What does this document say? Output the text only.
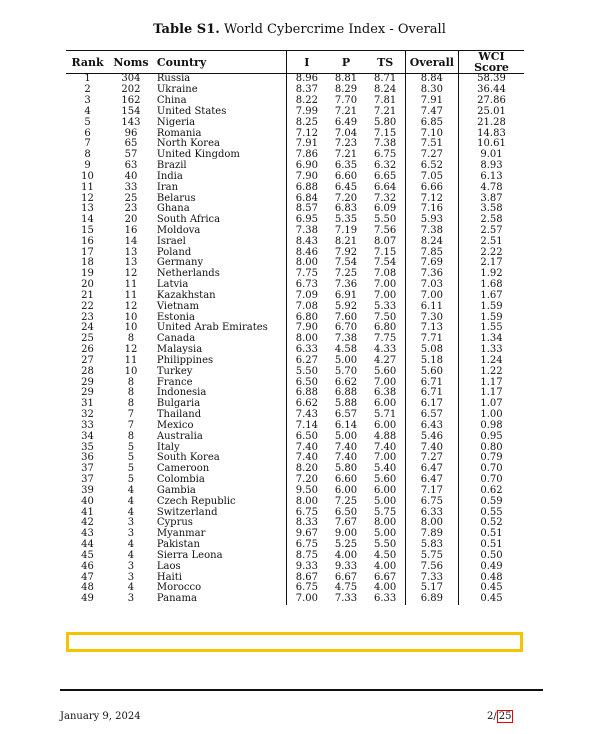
Table S1. World Cybercrime Index - Overall
Rank	Noms	Country	I	P	TS	Overall	WCI Score
1	304	Russia	8.96	8.81	8.71	8.84	58.39
2	202	Ukraine	8.37	8.29	8.24	8.30	36.44
3	162	China	8.22	7.70	7.81	7.91	27.86
4	154	United States	7.99	7.21	7.21	7.47	25.01
5	143	Nigeria	8.25	6.49	5.80	6.85	21.28
6	96	Romania	7.12	7.04	7.15	7.10	14.83
7	65	North Korea	7.91	7.23	7.38	7.51	10.61
8	57	United Kingdom	7.86	7.21	6.75	7.27	9.01
9	63	Brazil	6.90	6.35	6.32	6.52	8.93
10	40	India	7.90	6.60	6.65	7.05	6.13
11	33	Iran	6.88	6.45	6.64	6.66	4.78
12	25	Belarus	6.84	7.20	7.32	7.12	3.87
13	23	Ghana	8.57	6.83	6.09	7.16	3.58
14	20	South Africa	6.95	5.35	5.50	5.93	2.58
15	16	Moldova	7.38	7.19	7.56	7.38	2.57
16	14	Israel	8.43	8.21	8.07	8.24	2.51
17	13	Poland	8.46	7.92	7.15	7.85	2.22
18	13	Germany	8.00	7.54	7.54	7.69	2.17
19	12	Netherlands	7.75	7.25	7.08	7.36	1.92
20	11	Latvia	6.73	7.36	7.00	7.03	1.68
21	11	Kazakhstan	7.09	6.91	7.00	7.00	1.67
22	12	Vietnam	7.08	5.92	5.33	6.11	1.59
23	10	Estonia	6.80	7.60	7.50	7.30	1.59
24	10	United Arab Emirates	7.90	6.70	6.80	7.13	1.55
25	8	Canada	8.00	7.38	7.75	7.71	1.34
26	12	Malaysia	6.33	4.58	4.33	5.08	1.33
27	11	Philippines	6.27	5.00	4.27	5.18	1.24
28	10	Turkey	5.50	5.70	5.60	5.60	1.22
29	8	France	6.50	6.62	7.00	6.71	1.17
29	8	Indonesia	6.88	6.88	6.38	6.71	1.17
31	8	Bulgaria	6.62	5.88	6.00	6.17	1.07
32	7	Thailand	7.43	6.57	5.71	6.57	1.00
33	7	Mexico	7.14	6.14	6.00	6.43	0.98
34	8	Australia	6.50	5.00	4.88	5.46	0.95
35	5	Italy	7.40	7.40	7.40	7.40	0.80
36	5	South Korea	7.40	7.40	7.00	7.27	0.79
37	5	Cameroon	8.20	5.80	5.40	6.47	0.70
37	5	Colombia	7.20	6.60	5.60	6.47	0.70
39	4	Gambia	9.50	6.00	6.00	7.17	0.62
40	4	Czech Republic	8.00	7.25	5.00	6.75	0.59
41	4	Switzerland	6.75	6.50	5.75	6.33	0.55
42	3	Cyprus	8.33	7.67	8.00	8.00	0.52
43	3	Myanmar	9.67	9.00	5.00	7.89	0.51
44	4	Pakistan	6.75	5.25	5.50	5.83	0.51
45	4	Sierra Leona	8.75	4.00	4.50	5.75	0.50
46	3	Laos	9.33	9.33	4.00	7.56	0.49
47	3	Haiti	8.67	6.67	6.67	7.33	0.48
48	4	Morocco	6.75	4.75	4.00	5.17	0.45
49	3	Panama	7.00	7.33	6.33	6.89	0.45
January 9, 2024	2/ 25
